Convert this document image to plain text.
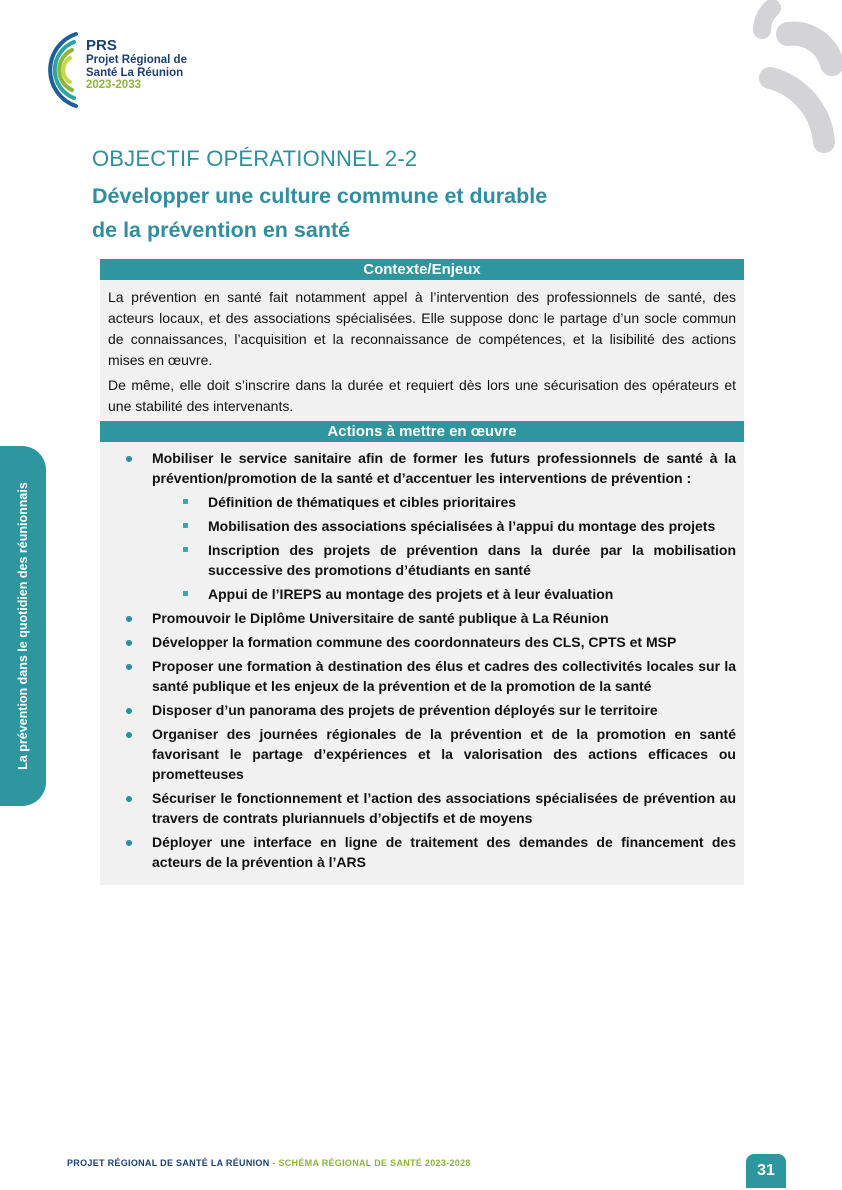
PRS
Projet Régional de
Santé La Réunion
2023-2033
OBJECTIF OPÉRATIONNEL 2-2
Développer une culture commune et durable
de la prévention en santé
Contexte/Enjeux

La prévention en santé fait notamment appel à l’intervention des professionnels de santé, des acteurs locaux, et des associations spécialisées. Elle suppose donc le partage d’un socle commun de connaissances, l’acquisition et la reconnaissance de compétences, et la lisibilité des actions mises en œuvre.

De même, elle doit s’inscrire dans la durée et requiert dès lors une sécurisation des opérateurs et une stabilité des intervenants.

Actions à mettre en œuvre
Mobiliser le service sanitaire afin de former les futurs professionnels de santé à la prévention/promotion de la santé et d’accentuer les interventions de prévention :
Définition de thématiques et cibles prioritaires
Mobilisation des associations spécialisées à l’appui du montage des projets
Inscription des projets de prévention dans la durée par la mobilisation successive des promotions d’étudiants en santé
Appui de l’IREPS au montage des projets et à leur évaluation
Promouvoir le Diplôme Universitaire de santé publique à La Réunion
Développer la formation commune des coordonnateurs des CLS, CPTS et MSP
Proposer une formation à destination des élus et cadres des collectivités locales sur la santé publique et les enjeux de la prévention et de la promotion de la santé
Disposer d’un panorama des projets de prévention déployés sur le territoire
Organiser des journées régionales de la prévention et de la promotion en santé favorisant le partage d’expériences et la valorisation des actions efficaces ou prometteuses
Sécuriser le fonctionnement et l’action des associations spécialisées de prévention au travers de contrats pluriannuels d’objectifs et de moyens
Déployer une interface en ligne de traitement des demandes de financement des acteurs de la prévention à l’ARS
La prévention dans le quotidien des réunionnais
PROJET RÉGIONAL DE SANTÉ LA RÉUNION - SCHÉMA RÉGIONAL DE SANTÉ 2023-2028	31
